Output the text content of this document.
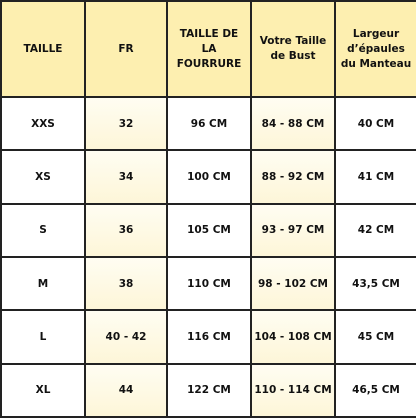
TAILLE	FR	TAILLE DE LA FOURRURE	Votre Taille de Bust	Largeur d’épaules du Manteau
XXS	32	96 CM	84 - 88 CM	40 CM
XS	34	100 CM	88 - 92 CM	41 CM
S	36	105 CM	93 - 97 CM	42 CM
M	38	110 CM	98 - 102 CM	43,5 CM
L	40 - 42	116 CM	104 - 108 CM	45 CM
XL	44	122 CM	110 - 114 CM	46,5 CM
